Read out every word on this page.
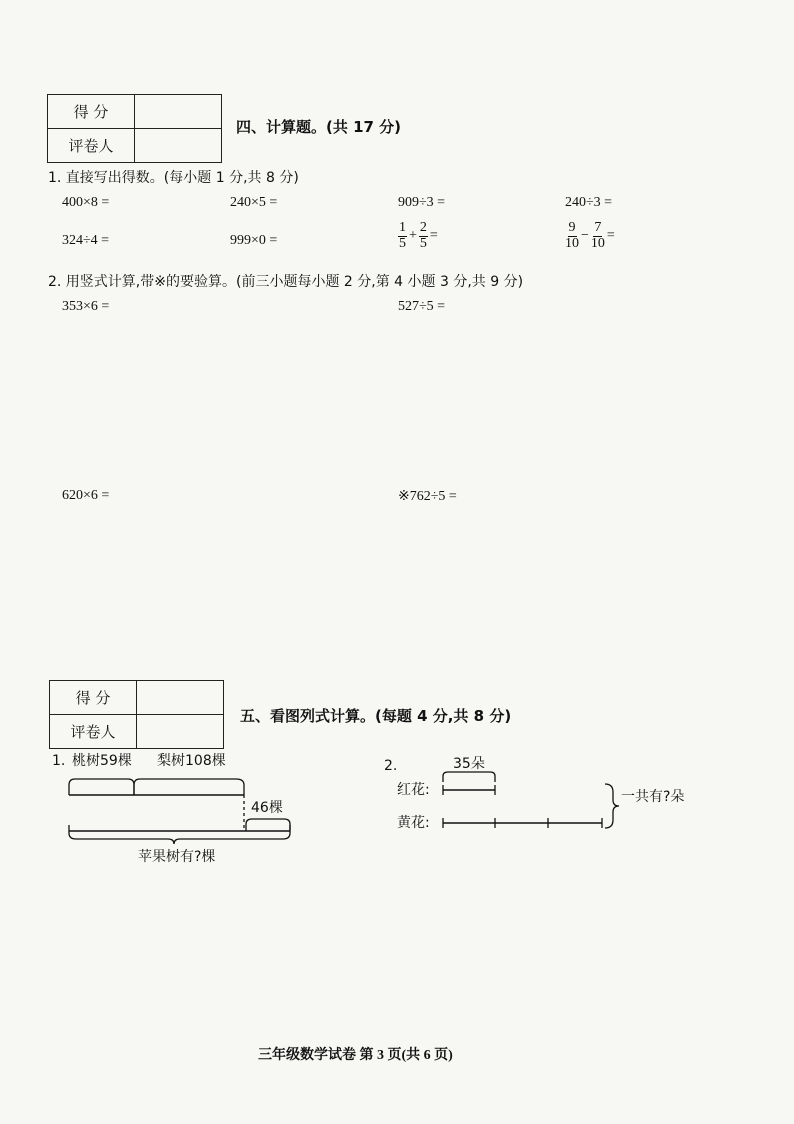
得 分	
评卷人	
四、计算题。(共 17 分)
1. 直接写出得数。(每小题 1 分,共 8 分)
400×8 =	240×5 =	909÷3 =	240÷3 =
324÷4 =	999×0 =	$\frac{1}{5} + \frac{2}{5}$ =	$\frac{9}{10} - \frac{7}{10}$ =
2. 用竖式计算,带※的要验算。(前三小题每小题 2 分,第 4 小题 3 分,共 9 分)
353×6 =	527÷5 =
620×6 =	※762÷5 =
得 分	
评卷人	
五、看图列式计算。(每题 4 分,共 8 分)
1. 桃树59棵 梨树108棵
46棵
苹果树有?棵
2.	35朵
红花:
黄花:
一共有?朵
三年级数学试卷 第 3 页(共 6 页)
